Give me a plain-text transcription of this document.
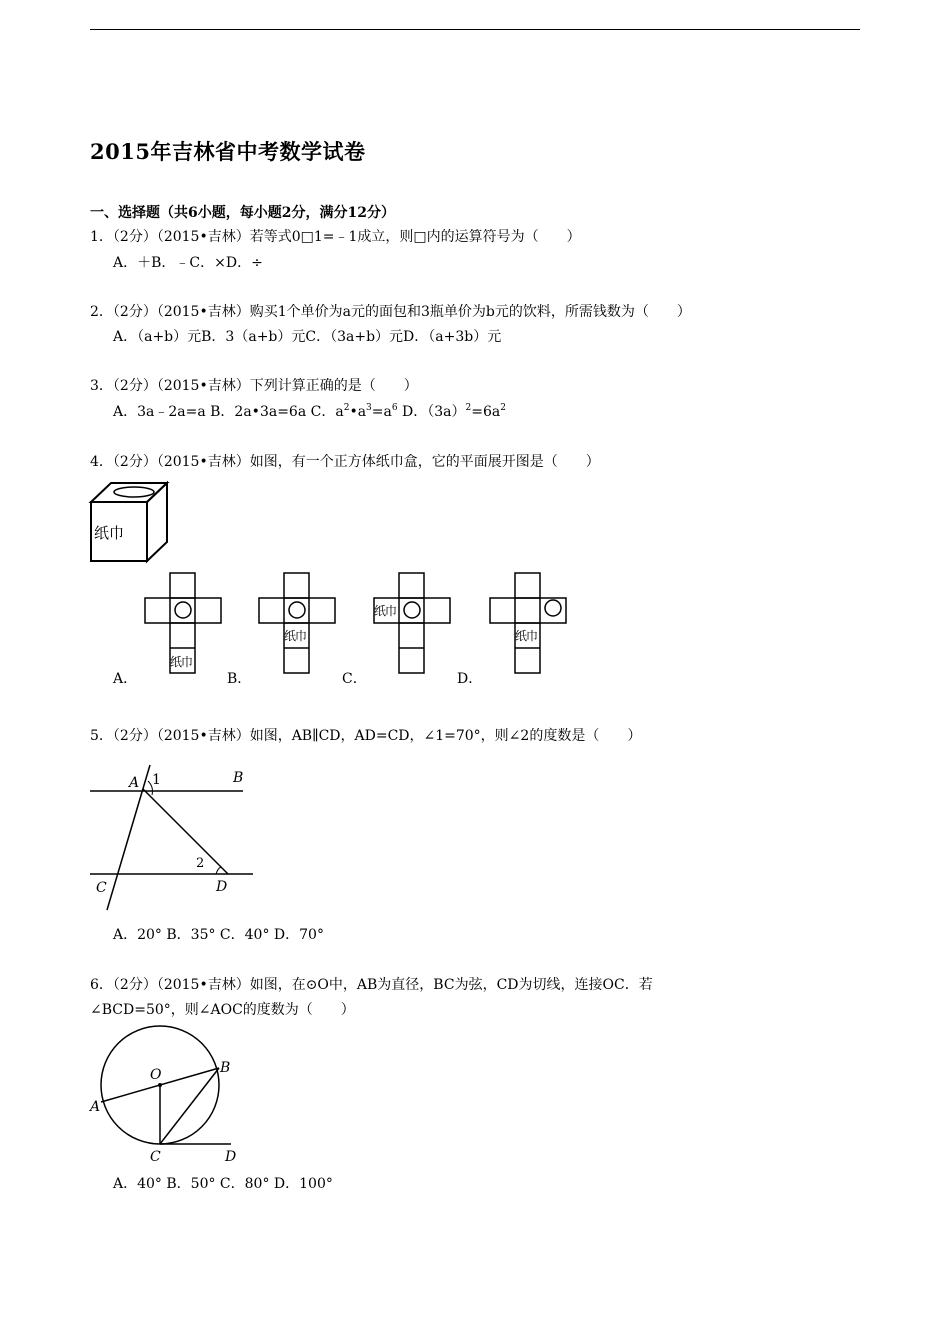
2015年吉林省中考数学试卷
一、选择题（共6小题，每小题2分，满分12分）
1．（2分）（2015•吉林）若等式0□1=﹣1成立，则□内的运算符号为（　　）
A．＋B．﹣C．×D．÷
2．（2分）（2015•吉林）购买1个单价为a元的面包和3瓶单价为b元的饮料，所需钱数为（　　）
A．（a+b）元B．3（a+b）元C．（3a+b）元D．（a+3b）元
3．（2分）（2015•吉林）下列计算正确的是（　　）
A．3a﹣2a=a B．2a•3a=6a C．$a^2•a^3=a^6$ D．$(3a)^2=6a^2$
4．（2分）（2015•吉林）如图，有一个正方体纸巾盒，它的平面展开图是（　　）
纸巾
纸巾
纸巾
纸巾
纸巾
A．	B．	C．	D．
5．（2分）（2015•吉林）如图，AB∥CD，AD=CD，∠1=70°，则∠2的度数是（　　）
A 1	B
C	D
2
A．20° B．35° C．40° D．70°
6．（2分）（2015•吉林）如图，在⊙O中，AB为直径，BC为弦，CD为切线，连接OC．若
∠BCD=50°，则∠AOC的度数为（　　）
O
A
B
C	D
A．40° B．50° C．80° D．100°
